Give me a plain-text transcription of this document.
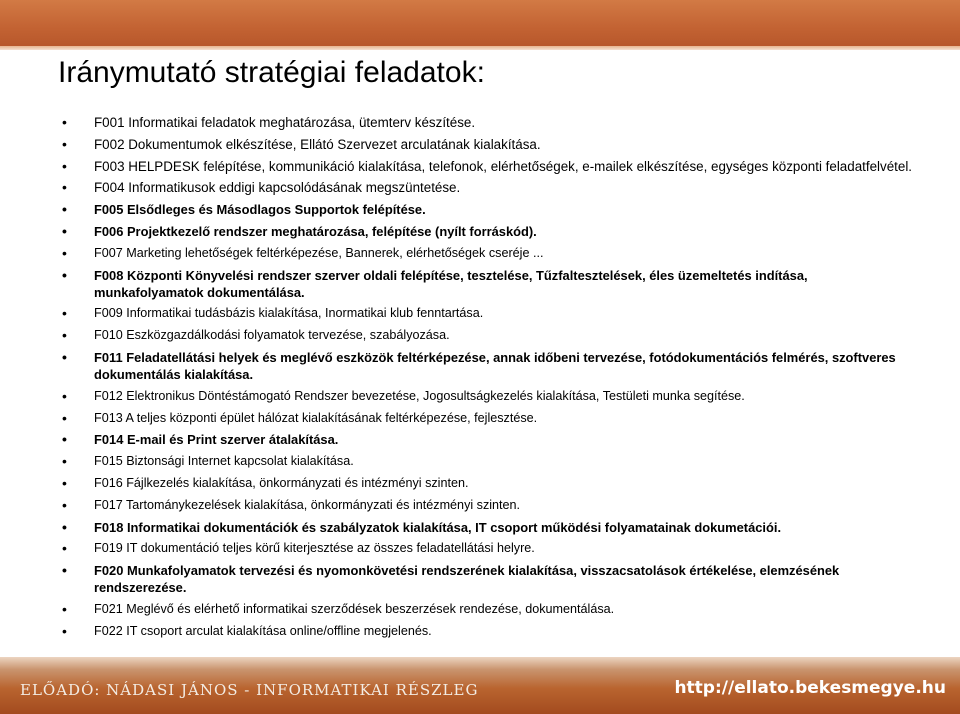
Iránymutató stratégiai feladatok:
• F001 Informatikai feladatok meghatározása, ütemterv készítése.
• F002 Dokumentumok elkészítése, Ellátó Szervezet arculatának kialakítása.
• F003 HELPDESK felépítése, kommunikáció kialakítása, telefonok, elérhetőségek, e-mailek elkészítése, egységes központi feladatfelvétel.
• F004 Informatikusok eddigi kapcsolódásának megszüntetése.
• F005 Elsődleges és Másodlagos Supportok felépítése.
• F006 Projektkezelő rendszer meghatározása, felépítése (nyílt forráskód).
• F007 Marketing lehetőségek feltérképezése, Bannerek, elérhetőségek cseréje ...
• F008 Központi Könyvelési rendszer szerver oldali felépítése, tesztelése, Tűzfaltesztelések, éles üzemeltetés indítása, munkafolyamatok dokumentálása.
• F009 Informatikai tudásbázis kialakítása, Inormatikai klub fenntartása.
• F010 Eszközgazdálkodási folyamatok tervezése, szabályozása.
• F011 Feladatellátási helyek és meglévő eszközök feltérképezése, annak időbeni tervezése, fotódokumentációs felmérés, szoftveres dokumentálás kialakítása.
• F012 Elektronikus Döntéstámogató Rendszer bevezetése, Jogosultságkezelés kialakítása, Testületi munka segítése.
• F013 A teljes központi épület hálózat kialakításának feltérképezése, fejlesztése.
• F014 E-mail és Print szerver átalakítása.
• F015 Biztonsági Internet kapcsolat kialakítása.
• F016 Fájlkezelés kialakítása, önkormányzati és intézményi szinten.
• F017 Tartománykezelések kialakítása, önkormányzati és intézményi szinten.
• F018 Informatikai dokumentációk és szabályzatok kialakítása, IT csoport működési folyamatainak dokumetációi.
• F019 IT dokumentáció teljes körű kiterjesztése az összes feladatellátási helyre.
• F020 Munkafolyamatok tervezési és nyomonkövetési rendszerének kialakítása, visszacsatolások értékelése, elemzésének rendszerezése.
• F021 Meglévő és elérhető informatikai szerződések beszerzések rendezése, dokumentálása.
• F022 IT csoport arculat kialakítása online/offline megjelenés.
ELŐADÓ: NÁDASI JÁNOS - INFORMATIKAI RÉSZLEG	http://ellato.bekesmegye.hu
